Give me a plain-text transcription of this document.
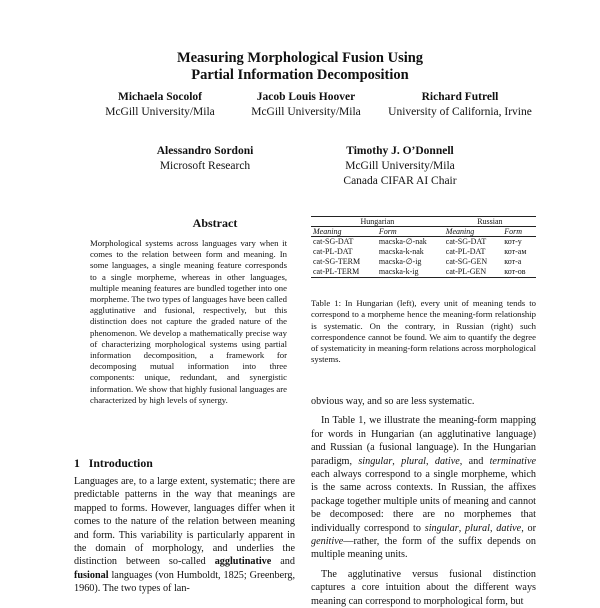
Measuring Morphological Fusion Using
Partial Information Decomposition
Michaela Socolof
McGill University/Mila
Jacob Louis Hoover
McGill University/Mila
Richard Futrell
University of California, Irvine
Alessandro Sordoni
Microsoft Research
Timothy J. O’Donnell
McGill University/Mila
Canada CIFAR AI Chair
Abstract
Morphological systems across languages vary when it comes to the relation between form and meaning. In some languages, a single meaning feature corresponds to a single morpheme, whereas in other languages, multiple meaning features are bundled together into one morpheme. The two types of languages have been called agglutinative and fusional, respectively, but this distinction does not capture the graded nature of the phenomenon. We develop a mathematically precise way of characterizing morphological systems using partial information decomposition, a framework for decomposing mutual information into three components: unique, redundant, and synergistic information. We show that highly fusional languages are characterized by high levels of synergy.
1 Introduction
Languages are, to a large extent, systematic; there are predictable patterns in the way that meanings are mapped to forms. However, languages differ when it comes to the nature of the relation between meaning and form. This variability is particularly apparent in the domain of morphology, and underlies the distinction between so-called agglutinative and fusional languages (von Humboldt, 1825; Greenberg, 1960). The two types of lan-
Hungarian		Russian	
Meaning	Form	Meaning	Form
cat-SG-DAT	macska-∅-nak	cat-SG-DAT	кот-у
cat-PL-DAT	macska-k-nak	cat-PL-DAT	кот-ам
cat-SG-TERM	macska-∅-ig	cat-SG-GEN	кот-а
cat-PL-TERM	macska-k-ig	cat-PL-GEN	кот-ов
Table 1: In Hungarian (left), every unit of meaning tends to correspond to a morpheme hence the meaning-form relationship is systematic. On the contrary, in Russian (right) such correspondence cannot be found. We aim to quantify the degree of systematicity in meaning-form relations across morphological systems.

obvious way, and so are less systematic.

In Table 1, we illustrate the meaning-form mapping for words in Hungarian (an agglutinative language) and Russian (a fusional language). In the Hungarian paradigm, singular, plural, dative, and terminative each always correspond to a single morpheme, which is the same across contexts. In Russian, the affixes package together multiple units of meaning and cannot be decomposed: there are no morphemes that individually correspond to singular, plural, dative, or genitive—rather, the form of the suffix depends on multiple meaning units.

The agglutinative versus fusional distinction captures a core intuition about the different ways meaning can correspond to morphological form, but
